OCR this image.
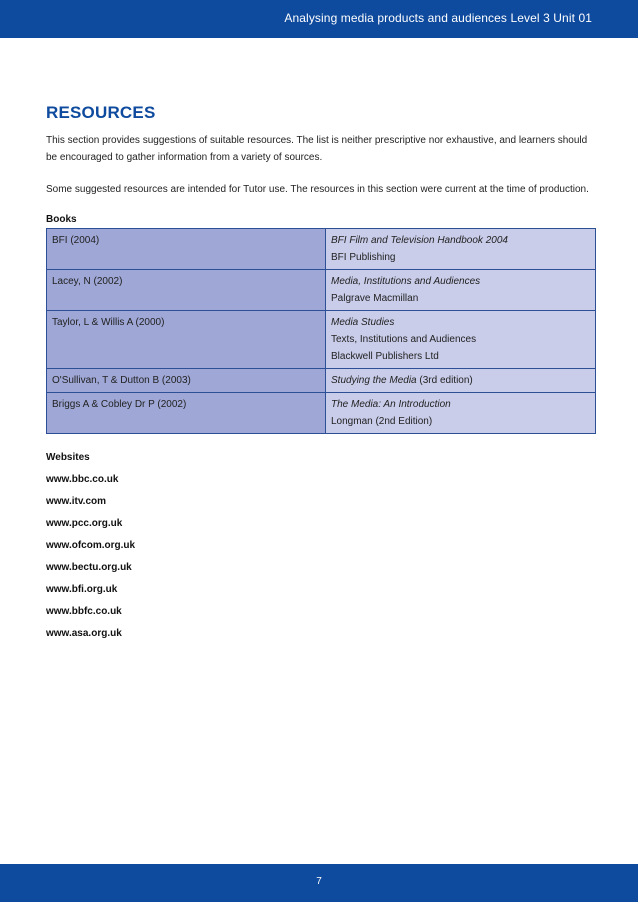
Analysing media products and audiences Level 3 Unit 01
RESOURCES

This section provides suggestions of suitable resources. The list is neither prescriptive nor exhaustive, and learners should be encouraged to gather information from a variety of sources.

Some suggested resources are intended for Tutor use. The resources in this section were current at the time of production.

Books
BFI (2004)	BFI Film and Television Handbook 2004
BFI Publishing

Lacey, N (2002)	Media, Institutions and Audiences
Palgrave Macmillan

Taylor, L & Willis A (2000)	Media Studies
Texts, Institutions and Audiences
Blackwell Publishers Ltd

O'Sullivan, T & Dutton B (2003)	Studying the Media (3rd edition)

Briggs A & Cobley Dr P (2002)	The Media: An Introduction
Longman (2nd Edition)
Websites
www.bbc.co.uk
www.itv.com
www.pcc.org.uk
www.ofcom.org.uk
www.bectu.org.uk
www.bfi.org.uk
www.bbfc.co.uk
www.asa.org.uk
7
